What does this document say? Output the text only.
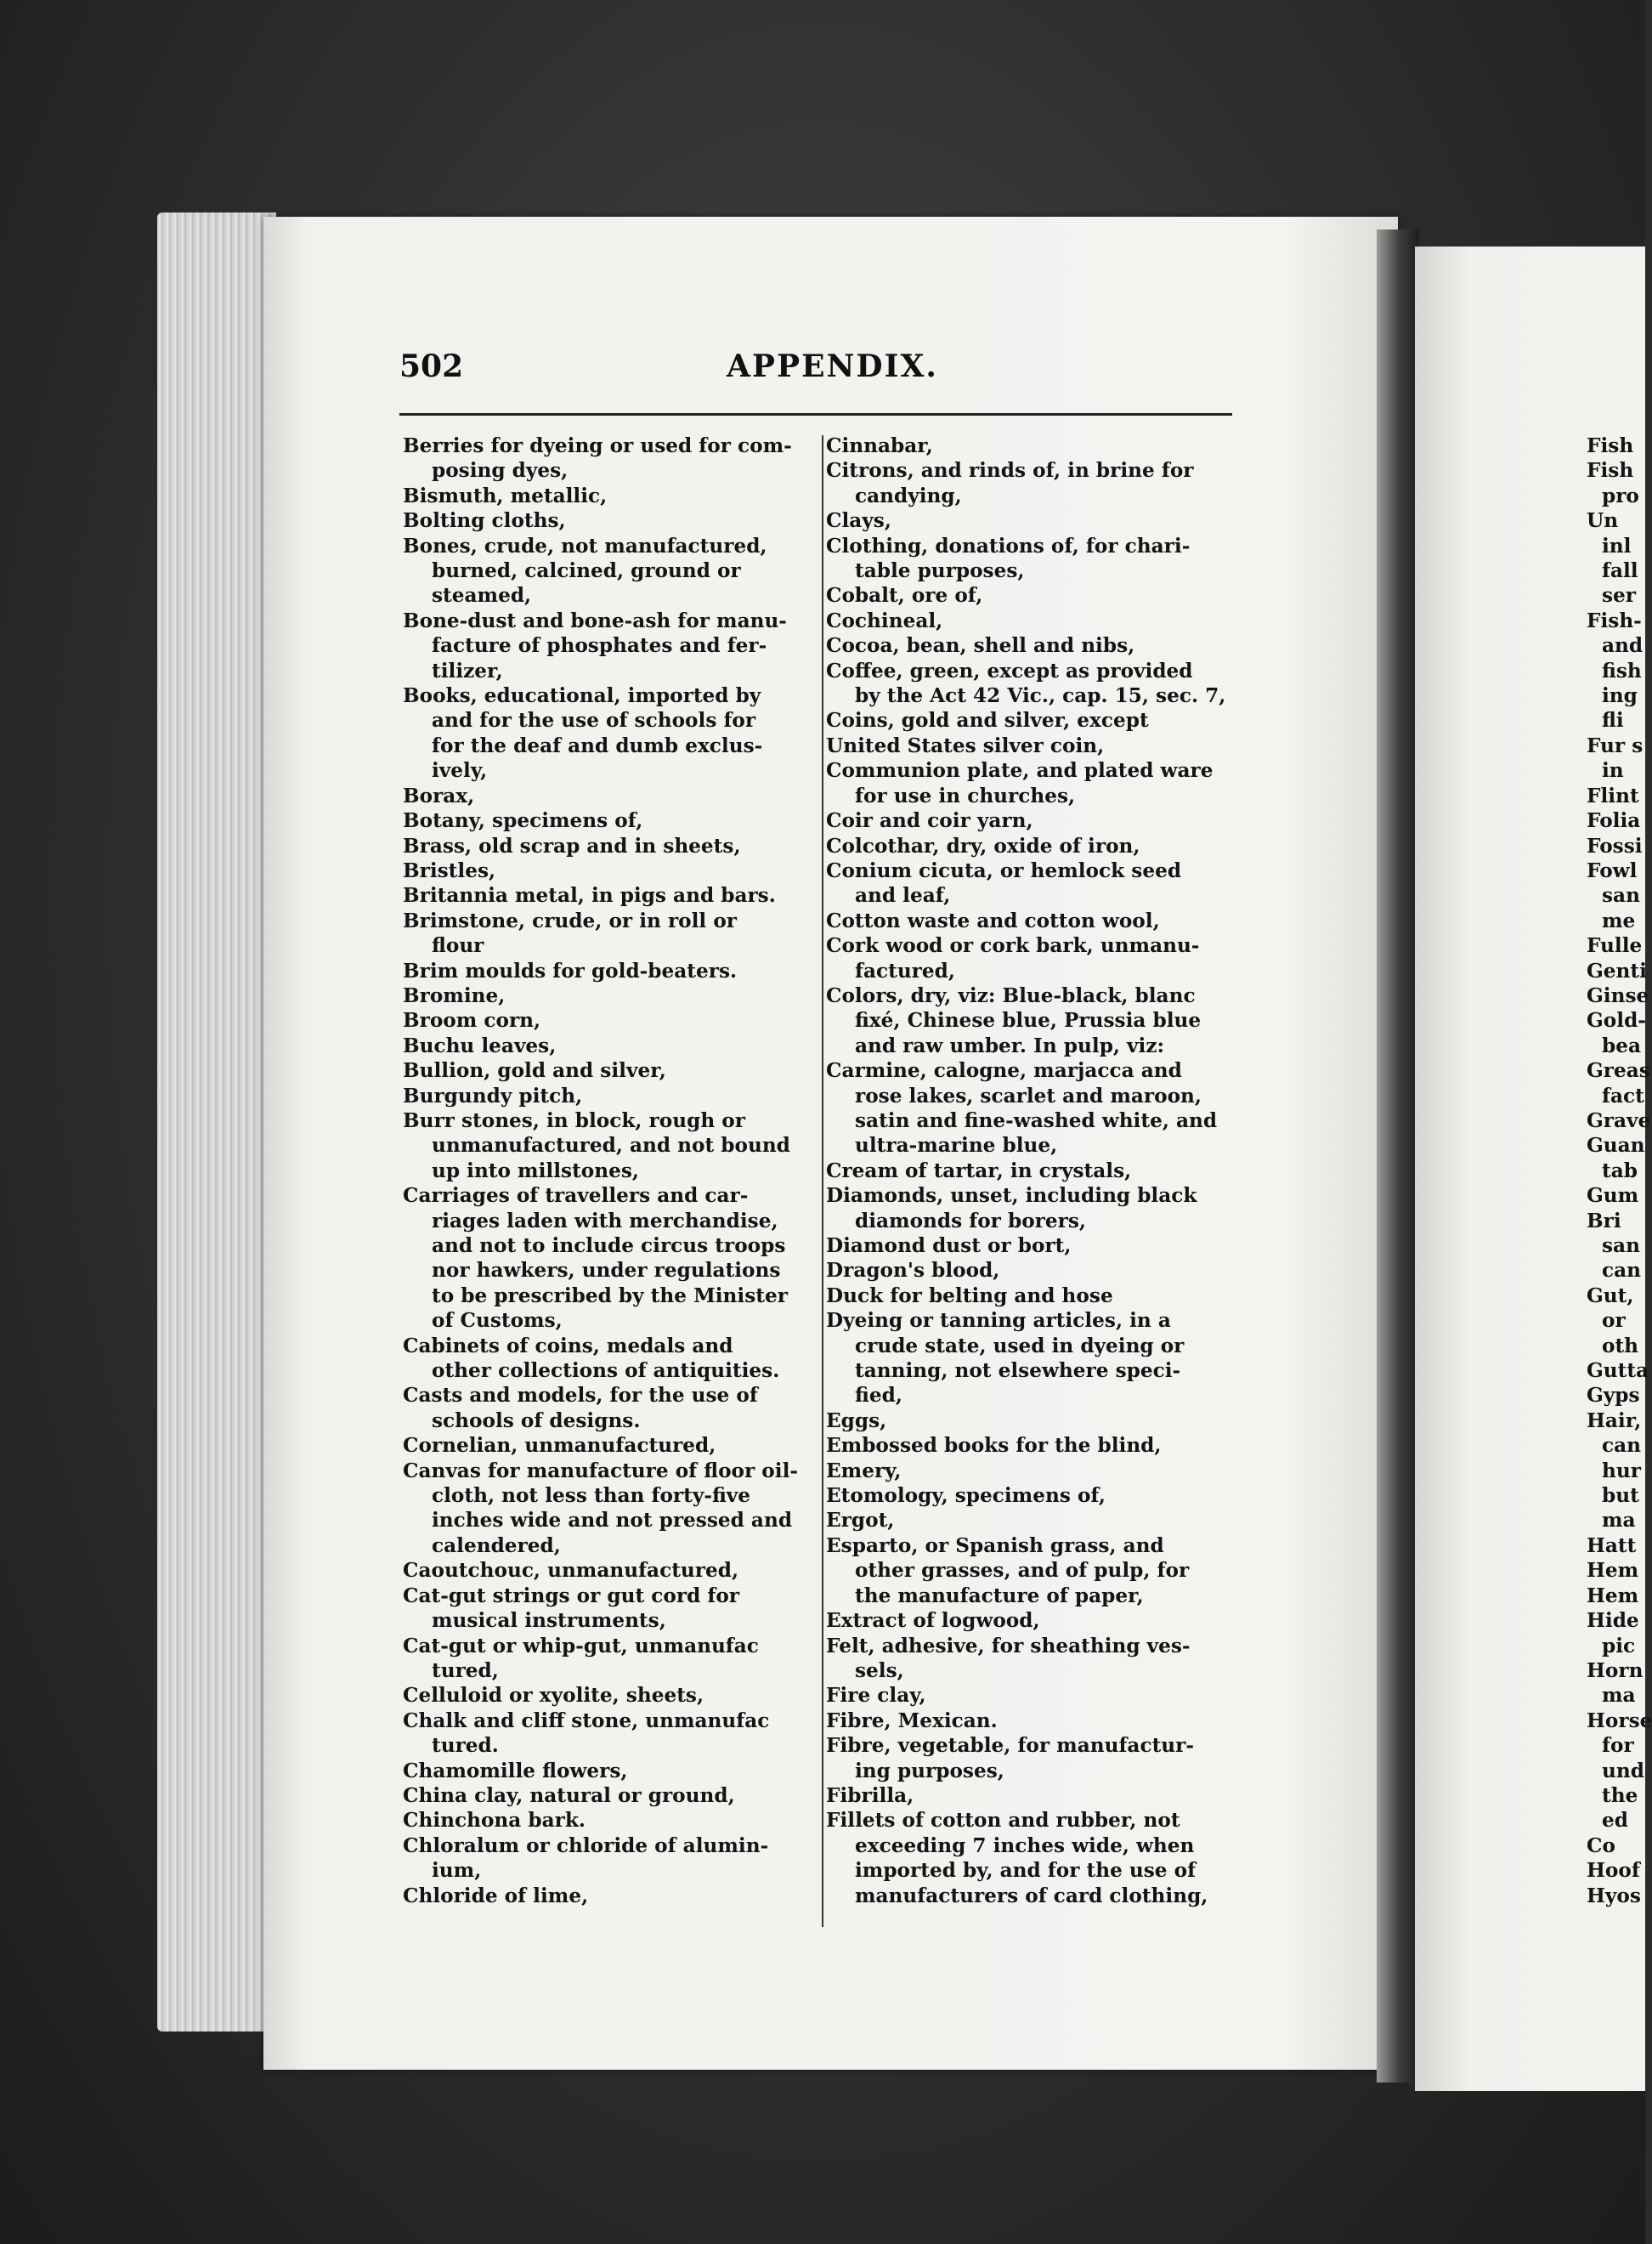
502	APPENDIX.

Berries for dyeing or used for com-

posing dyes,

Bismuth, metallic,

Bolting cloths,

Bones, crude, not manufactured,

burned, calcined, ground or

steamed,

Bone-dust and bone-ash for manu-

facture of phosphates and fer-

tilizer,

Books, educational, imported by

and for the use of schools for

for the deaf and dumb exclus-

ively,

Borax,

Botany, specimens of,

Brass, old scrap and in sheets,

Bristles,

Britannia metal, in pigs and bars.

Brimstone, crude, or in roll or

flour

Brim moulds for gold-beaters.

Bromine,

Broom corn,

Buchu leaves,

Bullion, gold and silver,

Burgundy pitch,

Burr stones, in block, rough or

unmanufactured, and not bound

up into millstones,

Carriages of travellers and car-

riages laden with merchandise,

and not to include circus troops

nor hawkers, under regulations

to be prescribed by the Minister

of Customs,

Cabinets of coins, medals and

other collections of antiquities.

Casts and models, for the use of

schools of designs.

Cornelian, unmanufactured,

Canvas for manufacture of floor oil-

cloth, not less than forty-five

inches wide and not pressed and

calendered,

Caoutchouc, unmanufactured,

Cat-gut strings or gut cord for

musical instruments,

Cat-gut or whip-gut, unmanufac

tured,

Celluloid or xyolite, sheets,

Chalk and cliff stone, unmanufac

tured.

Chamomille flowers,

China clay, natural or ground,

Chinchona bark.

Chloralum or chloride of alumin-

ium,

Chloride of lime,

Cinnabar,

Citrons, and rinds of, in brine for

candying,

Clays,

Clothing, donations of, for chari-

table purposes,

Cobalt, ore of,

Cochineal,

Cocoa, bean, shell and nibs,

Coffee, green, except as provided

by the Act 42 Vic., cap. 15, sec. 7,

Coins, gold and silver, except

United States silver coin,

Communion plate, and plated ware

for use in churches,

Coir and coir yarn,

Colcothar, dry, oxide of iron,

Conium cicuta, or hemlock seed

and leaf,

Cotton waste and cotton wool,

Cork wood or cork bark, unmanu-

factured,

Colors, dry, viz: Blue-black, blanc

fixé, Chinese blue, Prussia blue

and raw umber. In pulp, viz:

Carmine, calogne, marjacca and

rose lakes, scarlet and maroon,

satin and fine-washed white, and

ultra-marine blue,

Cream of tartar, in crystals,

Diamonds, unset, including black

diamonds for borers,

Diamond dust or bort,

Dragon's blood,

Duck for belting and hose

Dyeing or tanning articles, in a

crude state, used in dyeing or

tanning, not elsewhere speci-

fied,

Eggs,

Embossed books for the blind,

Emery,

Etomology, specimens of,

Ergot,

Esparto, or Spanish grass, and

other grasses, and of pulp, for

the manufacture of paper,

Extract of logwood,

Felt, adhesive, for sheathing ves-

sels,

Fire clay,

Fibre, Mexican.

Fibre, vegetable, for manufactur-

ing purposes,

Fibrilla,

Fillets of cotton and rubber, not

exceeding 7 inches wide, when

imported by, and for the use of

manufacturers of card clothing,

Fish

Fish

pro

Un

inl

fall

ser

Fish-

and

fish

ing

fli

Fur s

in

Flint

Folia

Fossi

Fowl

san

me

Fulle

Genti

Ginse

Gold-

bea

Greas

fact

Grave

Guan

tab

Gum

Bri

san

can

Gut,

or

oth

Gutta

Gyps

Hair,

can

hur

but

ma

Hatt

Hem

Hem

Hide

pic

Horn

ma

Horse

for

und

the

ed

Co

Hoof

Hyos
